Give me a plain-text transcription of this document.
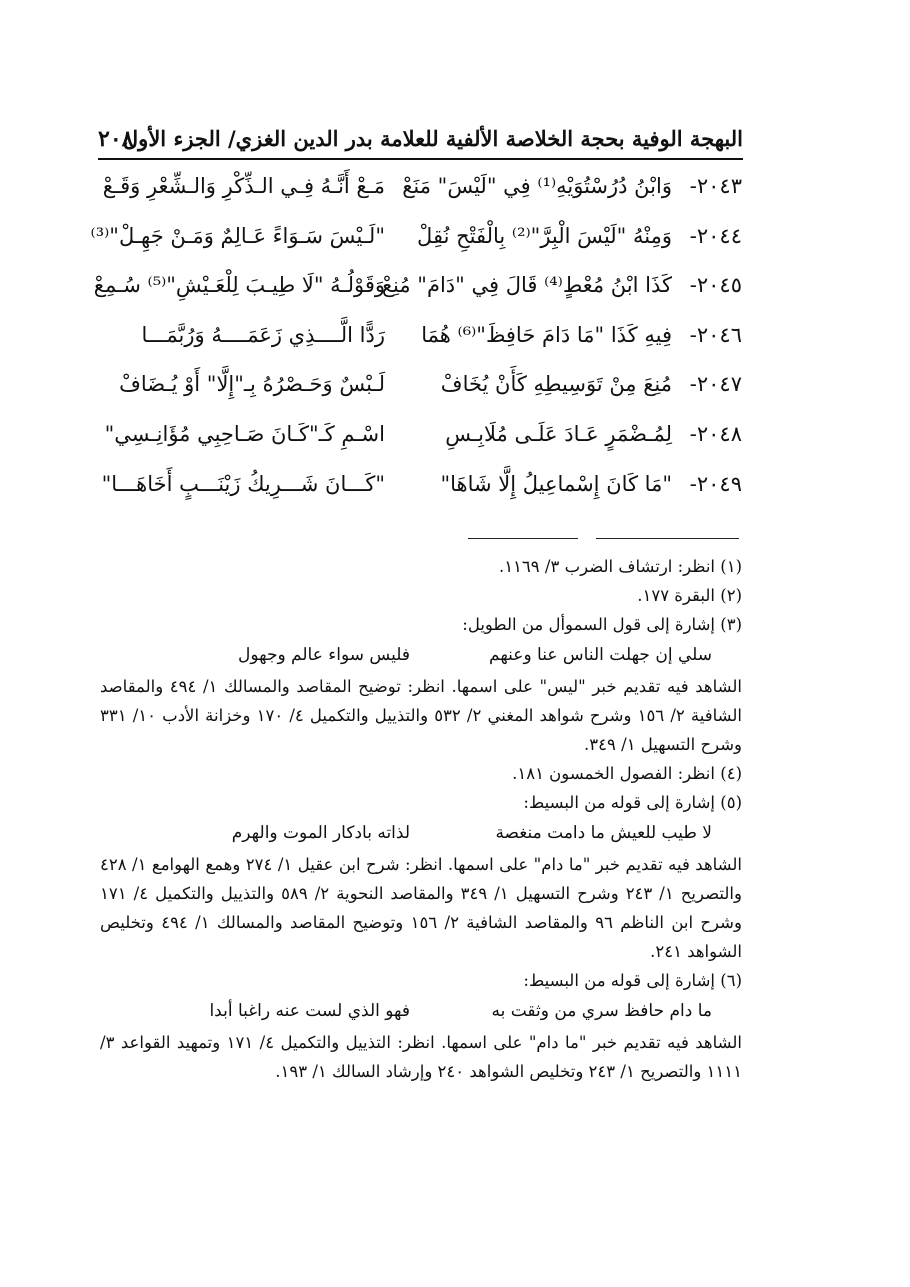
البهجة الوفية بحجة الخلاصة الألفية للعلامة بدر الدين الغزي/ الجزء الأول
٢٠٨
٢٠٤٣-
وَابْنُ دُرُسْتُوَيْهِ⁽¹⁾ فِي "لَيْسَ" مَنَعْ
مَـعْ أَنَّـهُ فِـي الـذِّكْرِ وَالـشِّعْرِ وَقَـعْ
٢٠٤٤-
وَمِنْهُ "لَيْسَ الْبِرَّ"⁽²⁾ بِالْفَتْحِ نُقِلْ
"لَـيْسَ سَـوَاءً عَـالِمٌ وَمَـنْ جَهِـلْ"⁽³⁾
٢٠٤٥-
كَذَا ابْنُ مُعْطٍ⁽⁴⁾ قَالَ فِي "دَامَ" مُنِعْ
وَقَوْلُـهُ "لَا طِيـبَ لِلْعَـيْشِ"⁽⁵⁾ سُـمِعْ
٢٠٤٦-
فِيهِ كَذَا "مَا دَامَ حَافِظَ"⁽⁶⁾ هُمَا
رَدًّا الَّــــذِي زَعَمَــــهُ وَرُبَّمَـــا
٢٠٤٧-
مُنِعَ مِنْ تَوَسِيطِهِ كَأَنْ يُخَافْ
لَـبْسٌ وَحَـصْرُهُ بِـ"إِلَّا" أَوْ يُـضَافْ
٢٠٤٨-
لِمُـضْمَرٍ عَـادَ عَلَـى مُلَابِـسِ
اسْـمِ كَـ"كَـانَ صَـاحِبِي مُؤَانِـسِي"
٢٠٤٩-
"مَا كَانَ إِسْماعِيلُ إِلَّا شَاهَا"
"كَـــانَ شَـــرِيكُ زَيْنَـــبٍ أَخَاهَـــا"
(١) انظر: ارتشاف الضرب ٣/ ١١٦٩.
(٢) البقرة ١٧٧.
(٣) إشارة إلى قول السموأل من الطويل:
سلي إن جهلت الناس عنا وعنهم
فليس سواء عالم وجهول
الشاهد فيه تقديم خبر "ليس" على اسمها. انظر: توضيح المقاصد والمسالك ١/ ٤٩٤ والمقاصد الشافية ٢/ ١٥٦ وشرح شواهد المغني ٢/ ٥٣٢ والتذييل والتكميل ٤/ ١٧٠ وخزانة الأدب ١٠/ ٣٣١ وشرح التسهيل ١/ ٣٤٩.
(٤) انظر: الفصول الخمسون ١٨١.
(٥) إشارة إلى قوله من البسيط:
لا طيب للعيش ما دامت منغصة
لذاته بادكار الموت والهرم
الشاهد فيه تقديم خبر "ما دام" على اسمها. انظر: شرح ابن عقيل ١/ ٢٧٤ وهمع الهوامع ١/ ٤٢٨ والتصريح ١/ ٢٤٣ وشرح التسهيل ١/ ٣٤٩ والمقاصد النحوية ٢/ ٥٨٩ والتذييل والتكميل ٤/ ١٧١ وشرح ابن الناظم ٩٦ والمقاصد الشافية ٢/ ١٥٦ وتوضيح المقاصد والمسالك ١/ ٤٩٤ وتخليص الشواهد ٢٤١.
(٦) إشارة إلى قوله من البسيط:
ما دام حافظ سري من وثقت به
فهو الذي لست عنه راغبا أبدا
الشاهد فيه تقديم خبر "ما دام" على اسمها. انظر: التذييل والتكميل ٤/ ١٧١ وتمهيد القواعد ٣/ ١١١١ والتصريح ١/ ٢٤٣ وتخليص الشواهد ٢٤٠ وإرشاد السالك ١/ ١٩٣.
